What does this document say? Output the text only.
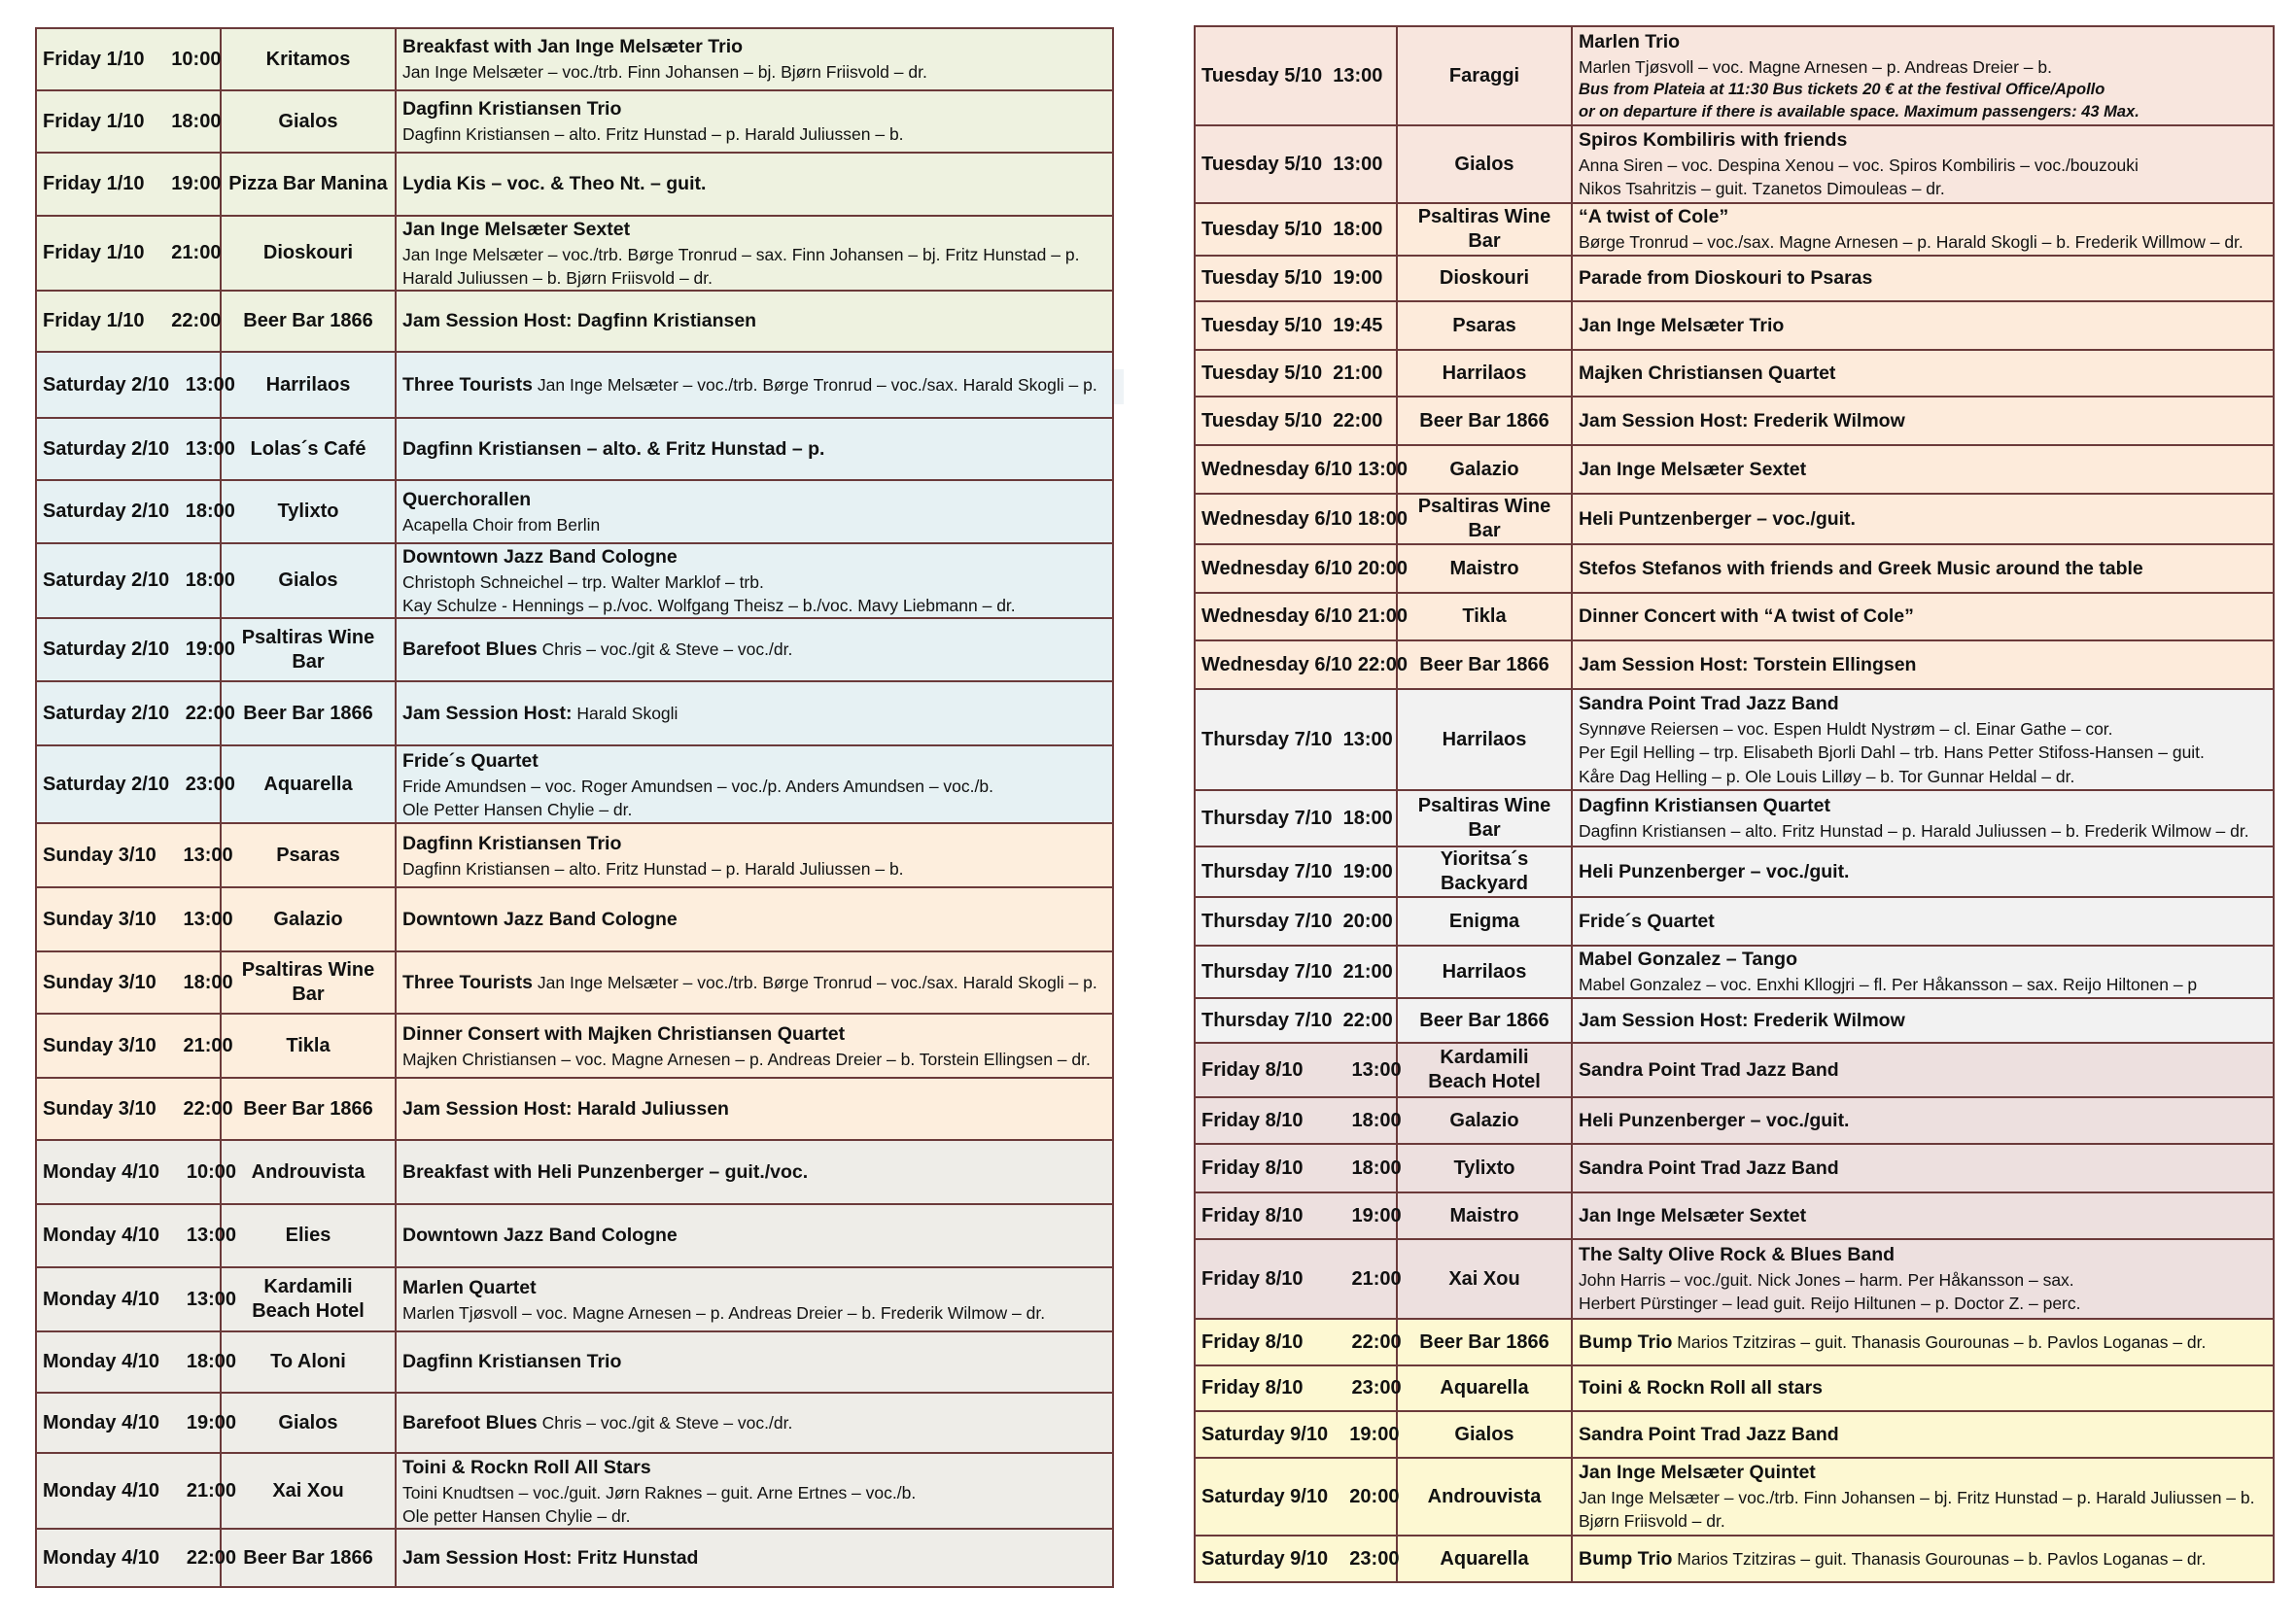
Friday 1/10     10:00	Kritamos	Breakfast with Jan Inge Melsæter Trio
Jan Inge Melsæter – voc./trb. Finn Johansen – bj. Bjørn Friisvold – dr.

Friday 1/10     18:00	Gialos	Dagfinn Kristiansen Trio
Dagfinn Kristiansen – alto. Fritz Hunstad – p. Harald Juliussen – b.

Friday 1/10     19:00	Pizza Bar Manina	Lydia Kis – voc. & Theo Nt. – guit.
Friday 1/10     21:00	Dioskouri	Jan Inge Melsæter Sextet
Jan Inge Melsæter – voc./trb. Børge Tronrud – sax. Finn Johansen – bj. Fritz Hunstad – p.
Harald Juliussen – b. Bjørn Friisvold – dr.

Friday 1/10     22:00	Beer Bar 1866	Jam Session Host: Dagfinn Kristiansen
Saturday 2/10   13:00	Harrilaos	Three Tourists Jan Inge Melsæter – voc./trb. Børge Tronrud – voc./sax. Harald Skogli – p.
Saturday 2/10   13:00	Lolas´s Café	Dagfinn Kristiansen – alto. & Fritz Hunstad – p.
Saturday 2/10   18:00	Tylixto	Querchorallen
Acapella Choir from Berlin

Saturday 2/10   18:00	Gialos	Downtown Jazz Band Cologne
Christoph Schneichel – trp. Walter Marklof – trb.
Kay Schulze - Hennings – p./voc. Wolfgang Theisz – b./voc. Mavy Liebmann – dr.

Saturday 2/10   19:00	Psaltiras Wine Bar	Barefoot Blues Chris – voc./git & Steve – voc./dr.
Saturday 2/10   22:00	Beer Bar 1866	Jam Session Host: Harald Skogli
Saturday 2/10   23:00	Aquarella	Fride´s Quartet
Fride Amundsen – voc. Roger Amundsen – voc./p. Anders Amundsen – voc./b.
Ole Petter Hansen Chylie – dr.

Sunday 3/10     13:00	Psaras	Dagfinn Kristiansen Trio
Dagfinn Kristiansen – alto. Fritz Hunstad – p. Harald Juliussen – b.

Sunday 3/10     13:00	Galazio	Downtown Jazz Band Cologne
Sunday 3/10     18:00	Psaltiras Wine Bar	Three Tourists Jan Inge Melsæter – voc./trb. Børge Tronrud – voc./sax. Harald Skogli – p.
Sunday 3/10     21:00	Tikla	Dinner Consert with Majken Christiansen Quartet
Majken Christiansen – voc. Magne Arnesen – p. Andreas Dreier – b. Torstein Ellingsen – dr.

Sunday 3/10     22:00	Beer Bar 1866	Jam Session Host: Harald Juliussen
Monday 4/10     10:00	Androuvista	Breakfast with Heli Punzenberger – guit./voc.
Monday 4/10     13:00	Elies	Downtown Jazz Band Cologne
Monday 4/10     13:00	Kardamili
Beach Hotel	Marlen Quartet
Marlen Tjøsvoll – voc. Magne Arnesen – p. Andreas Dreier – b. Frederik Wilmow – dr.

Monday 4/10     18:00	To Aloni	Dagfinn Kristiansen Trio
Monday 4/10     19:00	Gialos	Barefoot Blues Chris – voc./git & Steve – voc./dr.
Monday 4/10     21:00	Xai Xou	Toini & Rockn Roll All Stars
Toini Knudtsen – voc./guit. Jørn Raknes – guit. Arne Ertnes – voc./b.
Ole petter Hansen Chylie – dr.

Monday 4/10     22:00	Beer Bar 1866	Jam Session Host: Fritz Hunstad
Tuesday 5/10  13:00	Faraggi	Marlen Trio
Marlen Tjøsvoll – voc. Magne Arnesen – p. Andreas Dreier – b.
Bus from Plateia at 11:30 Bus tickets 20 € at the festival Office/Apollo
or on departure if there is available space. Maximum passengers: 43 Max.

Tuesday 5/10  13:00	Gialos	Spiros Kombiliris with friends
Anna Siren – voc. Despina Xenou – voc. Spiros Kombiliris – voc./bouzouki
Nikos Tsahritzis – guit. Tzanetos Dimouleas – dr.

Tuesday 5/10  18:00	Psaltiras Wine Bar	“A twist of Cole”
Børge Tronrud – voc./sax. Magne Arnesen – p. Harald Skogli – b. Frederik Willmow – dr.

Tuesday 5/10  19:00	Dioskouri	Parade from Dioskouri to Psaras
Tuesday 5/10  19:45	Psaras	Jan Inge Melsæter Trio
Tuesday 5/10  21:00	Harrilaos	Majken Christiansen Quartet
Tuesday 5/10  22:00	Beer Bar 1866	Jam Session Host: Frederik Wilmow
Wednesday 6/10 13:00	Galazio	Jan Inge Melsæter Sextet
Wednesday 6/10 18:00	Psaltiras Wine Bar	Heli Puntzenberger – voc./guit.
Wednesday 6/10 20:00	Maistro	Stefos Stefanos with friends and Greek Music around the table
Wednesday 6/10 21:00	Tikla	Dinner Concert with “A twist of Cole”
Wednesday 6/10 22:00	Beer Bar 1866	Jam Session Host: Torstein Ellingsen
Thursday 7/10  13:00	Harrilaos	Sandra Point Trad Jazz Band
Synnøve Reiersen – voc. Espen Huldt Nystrøm – cl. Einar Gathe – cor.
Per Egil Helling – trp. Elisabeth Bjorli Dahl – trb. Hans Petter Stifoss-Hansen – guit.
Kåre Dag Helling – p. Ole Louis Lilløy – b. Tor Gunnar Heldal – dr.

Thursday 7/10  18:00	Psaltiras Wine Bar	Dagfinn Kristiansen Quartet
Dagfinn Kristiansen – alto. Fritz Hunstad – p. Harald Juliussen – b. Frederik Wilmow – dr.

Thursday 7/10  19:00	Yioritsa´s Backyard	Heli Punzenberger – voc./guit.
Thursday 7/10  20:00	Enigma	Fride´s Quartet
Thursday 7/10  21:00	Harrilaos	Mabel Gonzalez – Tango
Mabel Gonzalez – voc. Enxhi Kllogjri – fl. Per Håkansson – sax. Reijo Hiltonen – p

Thursday 7/10  22:00	Beer Bar 1866	Jam Session Host: Frederik Wilmow
Friday 8/10         13:00	Kardamili
Beach Hotel	Sandra Point Trad Jazz Band
Friday 8/10         18:00	Galazio	Heli Punzenberger – voc./guit.
Friday 8/10         18:00	Tylixto	Sandra Point Trad Jazz Band
Friday 8/10         19:00	Maistro	Jan Inge Melsæter Sextet
Friday 8/10         21:00	Xai Xou	The Salty Olive Rock & Blues Band
John Harris – voc./guit. Nick Jones – harm. Per Håkansson – sax.
Herbert Pürstinger – lead guit. Reijo Hiltunen – p. Doctor Z. – perc.

Friday 8/10         22:00	Beer Bar 1866	Bump Trio Marios Tzitziras – guit. Thanasis Gourounas – b. Pavlos Loganas – dr.
Friday 8/10         23:00	Aquarella	Toini & Rockn Roll all stars
Saturday 9/10    19:00	Gialos	Sandra Point Trad Jazz Band
Saturday 9/10    20:00	Androuvista	Jan Inge Melsæter Quintet
Jan Inge Melsæter – voc./trb. Finn Johansen – bj. Fritz Hunstad – p. Harald Juliussen – b.
Bjørn Friisvold – dr.

Saturday 9/10    23:00	Aquarella	Bump Trio Marios Tzitziras – guit. Thanasis Gourounas – b. Pavlos Loganas – dr.
